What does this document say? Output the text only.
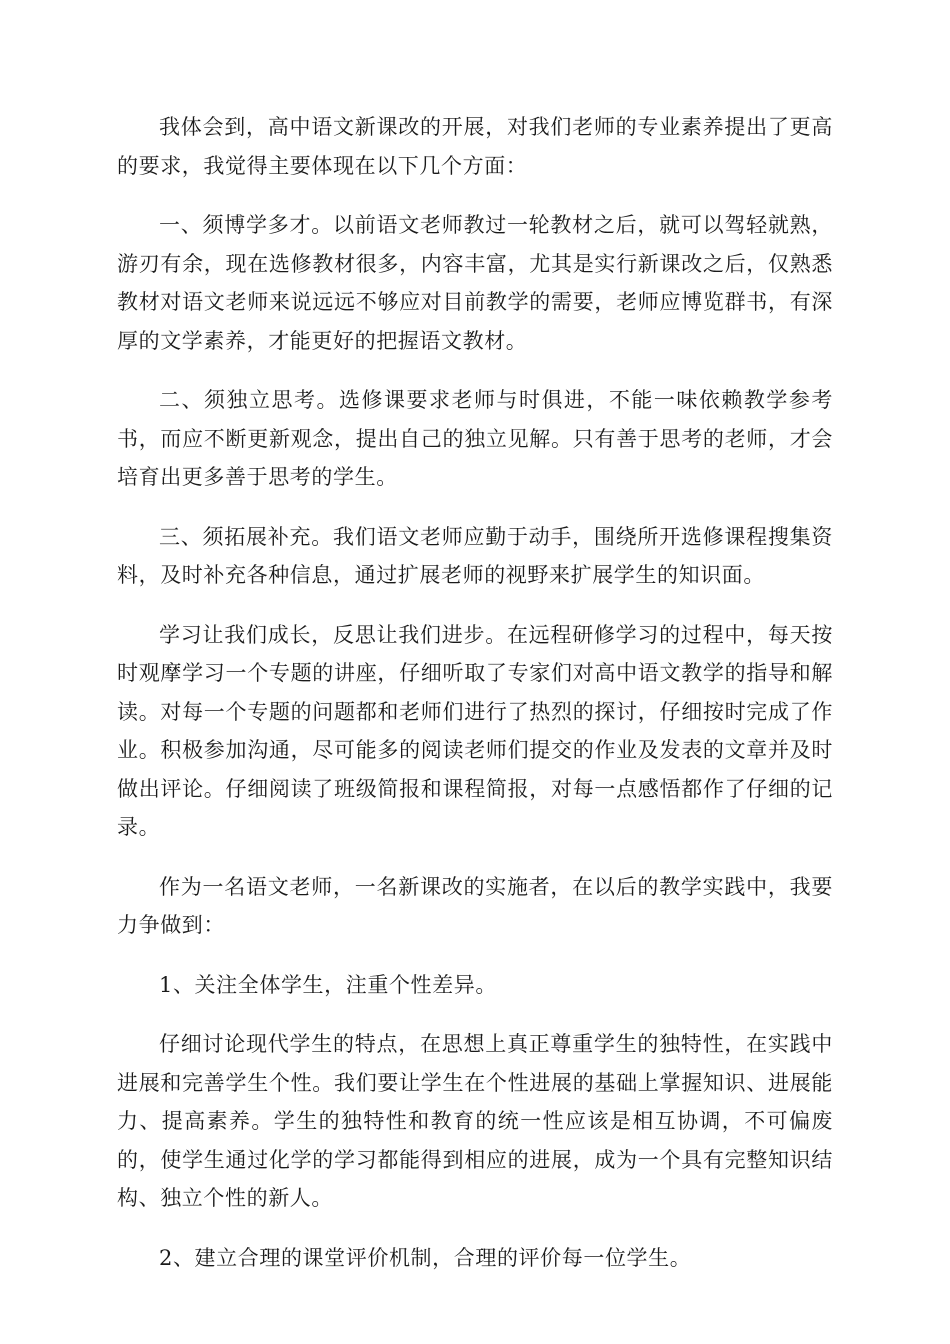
我体会到，高中语文新课改的开展，对我们老师的专业素养提出了更高的要求，我觉得主要体现在以下几个方面：

一、须博学多才。以前语文老师教过一轮教材之后，就可以驾轻就熟，游刃有余，现在选修教材很多，内容丰富，尤其是实行新课改之后，仅熟悉教材对语文老师来说远远不够应对目前教学的需要，老师应博览群书，有深厚的文学素养，才能更好的把握语文教材。

二、须独立思考。选修课要求老师与时俱进，不能一味依赖教学参考书，而应不断更新观念，提出自己的独立见解。只有善于思考的老师，才会培育出更多善于思考的学生。

三、须拓展补充。我们语文老师应勤于动手，围绕所开选修课程搜集资料，及时补充各种信息，通过扩展老师的视野来扩展学生的知识面。

学习让我们成长，反思让我们进步。在远程研修学习的过程中，每天按时观摩学习一个专题的讲座，仔细听取了专家们对高中语文教学的指导和解读。对每一个专题的问题都和老师们进行了热烈的探讨，仔细按时完成了作业。积极参加沟通，尽可能多的阅读老师们提交的作业及发表的文章并及时做出评论。仔细阅读了班级简报和课程简报，对每一点感悟都作了仔细的记录。

作为一名语文老师，一名新课改的实施者，在以后的教学实践中，我要力争做到：

1、关注全体学生，注重个性差异。

仔细讨论现代学生的特点，在思想上真正尊重学生的独特性，在实践中进展和完善学生个性。我们要让学生在个性进展的基础上掌握知识、进展能力、提高素养。学生的独特性和教育的统一性应该是相互协调，不可偏废的，使学生通过化学的学习都能得到相应的进展，成为一个具有完整知识结构、独立个性的新人。

2、建立合理的课堂评价机制，合理的评价每一位学生。
